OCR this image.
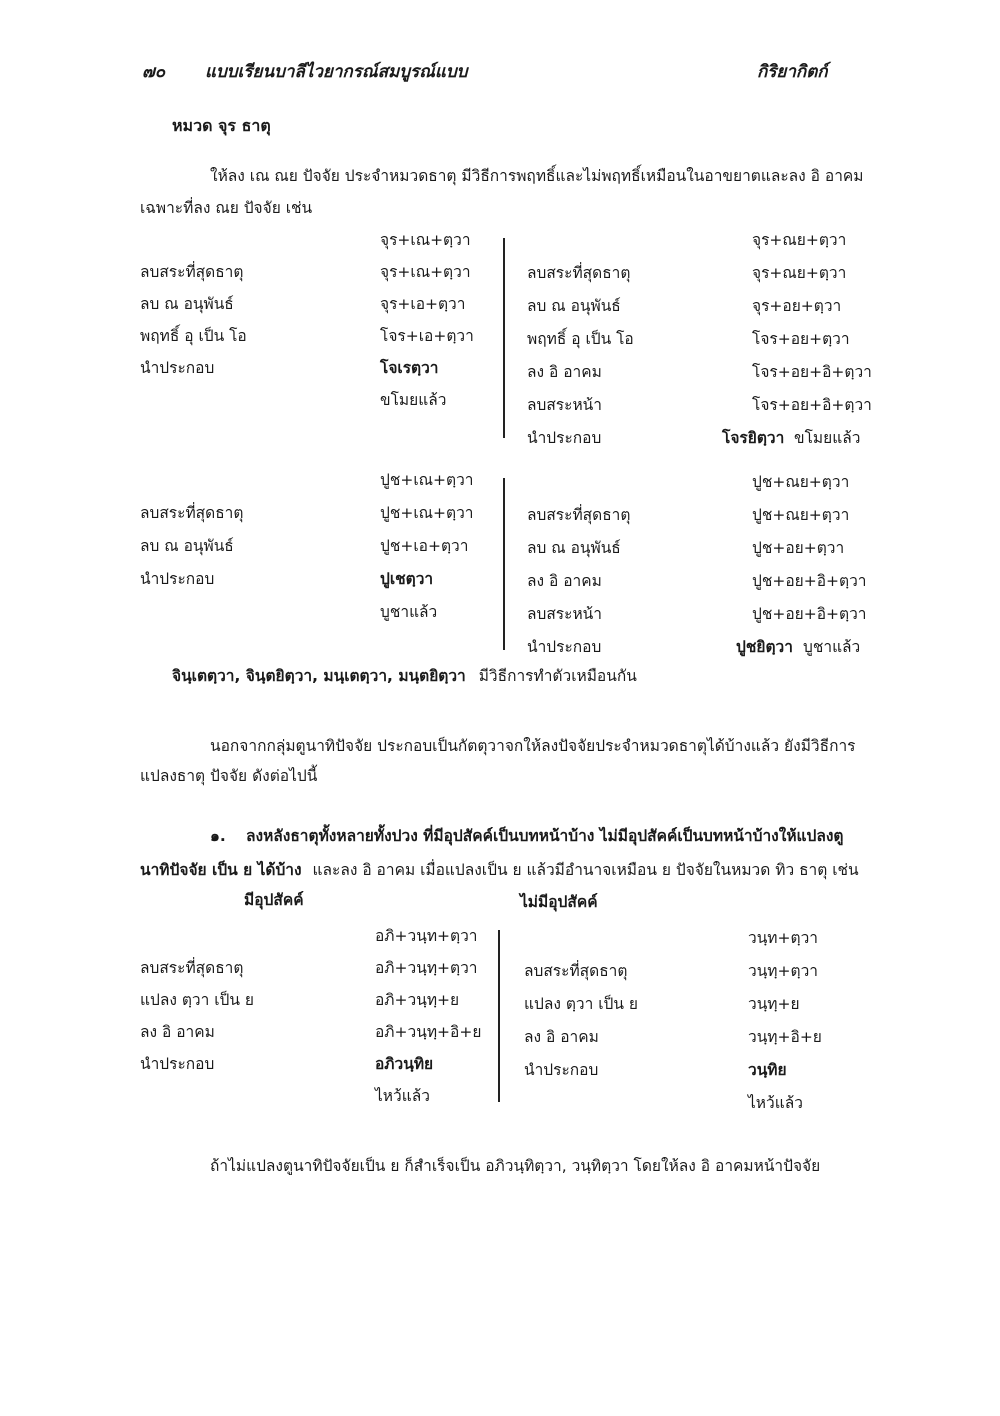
๗๐ แบบเรียนบาลีไวยากรณ์สมบูรณ์แบบ	กิริยากิตก์
หมวด จุร ธาตุ
ให้ลง เณ ณย ปัจจัย ประจำหมวดธาตุ มีวิธีการพฤทธิ์และไม่พฤทธิ์เหมือนในอาขยาตและลง อิ อาคม
เฉพาะที่ลง ณย ปัจจัย เช่น
จุร+เณ+ตฺวา
ลบสระที่สุดธาตุ	จุร+เณ+ตฺวา
ลบ ณ อนุพันธ์	จุร+เอ+ตฺวา
พฤทธิ์ อุ เป็น โอ	โจร+เอ+ตฺวา
นำประกอบ	โจเรตฺวา
ขโมยแล้ว
จุร+ณย+ตฺวา
ลบสระที่สุดธาตุ	จุร+ณย+ตฺวา
ลบ ณ อนุพันธ์	จุร+อย+ตฺวา
พฤทธิ์ อุ เป็น โอ	โจร+อย+ตฺวา
ลง อิ อาคม	โจร+อย+อิ+ตฺวา
ลบสระหน้า	โจร+อย+อิ+ตฺวา
นำประกอบ	โจรยิตฺวา ขโมยแล้ว
ปูช+เณ+ตฺวา
ลบสระที่สุดธาตุ	ปูช+เณ+ตฺวา
ลบ ณ อนุพันธ์	ปูช+เอ+ตฺวา
นำประกอบ	ปูเชตฺวา
บูชาแล้ว
ปูช+ณย+ตฺวา
ลบสระที่สุดธาตุ	ปูช+ณย+ตฺวา
ลบ ณ อนุพันธ์	ปูช+อย+ตฺวา
ลง อิ อาคม	ปูช+อย+อิ+ตฺวา
ลบสระหน้า	ปูช+อย+อิ+ตฺวา
นำประกอบ	ปูชยิตฺวา บูชาแล้ว
จินฺเตตฺวา, จินฺตยิตฺวา, มนฺเตตฺวา, มนฺตยิตฺวา มีวิธีการทำตัวเหมือนกัน
นอกจากกลุ่มตูนาทิปัจจัย ประกอบเป็นกัตตุวาจกให้ลงปัจจัยประจำหมวดธาตุได้บ้างแล้ว ยังมีวิธีการ
แปลงธาตุ ปัจจัย ดังต่อไปนี้
๑. ลงหลังธาตุทั้งหลายทั้งปวง ที่มีอุปสัคค์เป็นบทหน้าบ้าง ไม่มีอุปสัคค์เป็นบทหน้าบ้างให้แปลงตู
นาทิปัจจัย เป็น ย ได้บ้าง และลง อิ อาคม เมื่อแปลงเป็น ย แล้วมีอำนาจเหมือน ย ปัจจัยในหมวด ทิว ธาตุ เช่น
มีอุปสัคค์	ไม่มีอุปสัคค์
อภิ+วนฺท+ตฺวา
ลบสระที่สุดธาตุ	อภิ+วนฺทฺ+ตฺวา
แปลง ตฺวา เป็น ย	อภิ+วนฺทฺ+ย
ลง อิ อาคม	อภิ+วนฺทฺ+อิ+ย
นำประกอบ	อภิวนฺทิย
ไหว้แล้ว
วนฺท+ตฺวา
ลบสระที่สุดธาตุ	วนฺทฺ+ตฺวา
แปลง ตฺวา เป็น ย	วนฺทฺ+ย
ลง อิ อาคม	วนฺทฺ+อิ+ย
นำประกอบ	วนฺทิย
ไหว้แล้ว
ถ้าไม่แปลงตูนาทิปัจจัยเป็น ย ก็สำเร็จเป็น อภิวนฺทิตฺวา, วนฺทิตฺวา โดยให้ลง อิ อาคมหน้าปัจจัย
